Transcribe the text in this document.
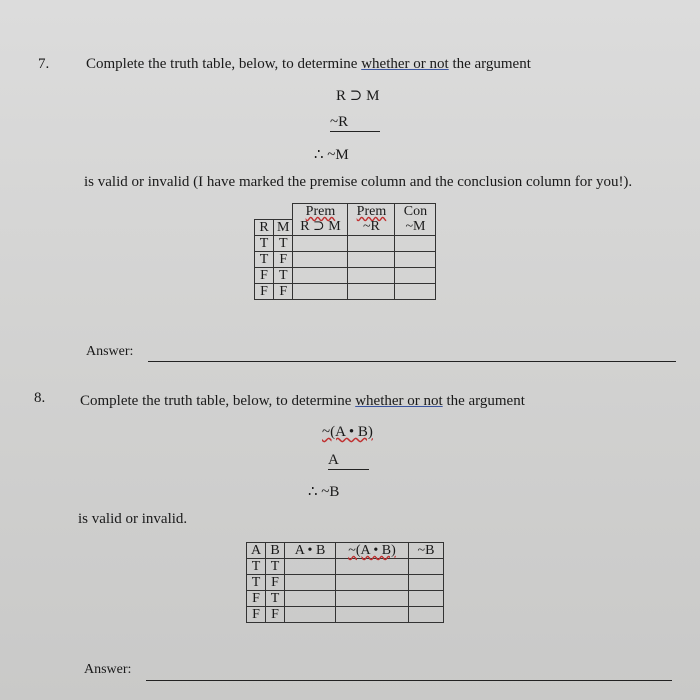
7. Complete the truth table, below, to determine whether or not the argument
R ⊃ M
~R
∴ ~M
is valid or invalid (I have marked the premise column and the conclusion column for you!).
		Prem	Prem	Con
R	M	R ⊃ M	~R	~M
T	T			
T	F			
F	T			
F	F			
Answer:
8. Complete the truth table, below, to determine whether or not the argument
~(A • B)
A
∴ ~B
is valid or invalid.
A	B	A • B	~(A • B)	~B
T	T			
T	F			
F	T			
F	F			
Answer:
